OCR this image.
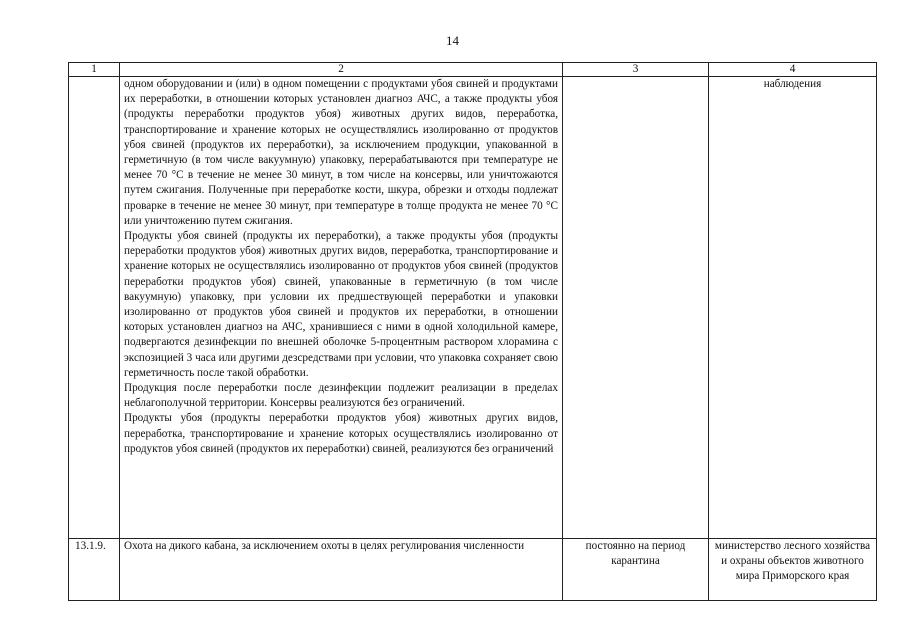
14
1	2	3	4

	одном оборудовании и (или) в одном помещении с продуктами убоя свиней и продуктами их переработки, в отношении которых установлен диагноз АЧС, а также продукты убоя (продукты переработки продуктов убоя) животных других видов, переработка, транспортирование и хранение которых не осуществлялись изолированно от продуктов убоя свиней (продуктов их переработки), за исключением продукции, упакованной в герметичную (в том числе вакуумную) упаковку, перерабатываются при температуре не менее 70 °С в течение не менее 30 минут, в том числе на консервы, или уничтожаются путем сжигания. Полученные при переработке кости, шкура, обрезки и отходы подлежат проварке в течение не менее 30 минут, при температуре в толще продукта не менее 70 °С или уничтожению путем сжигания.

Продукты убоя свиней (продукты их переработки), а также продукты убоя (продукты переработки продуктов убоя) животных других видов, переработка, транспортирование и хранение которых не осуществлялись изолированно от продуктов убоя свиней (продуктов переработки продуктов убоя) свиней, упакованные в герметичную (в том числе вакуумную) упаковку, при условии их предшествующей переработки и упаковки изолированно от продуктов убоя свиней и продуктов их переработки, в отношении которых установлен диагноз на АЧС, хранившиеся с ними в одной холодильной камере, подвергаются дезинфекции по внешней оболочке 5-процентным раствором хлорамина с экспозицией 3 часа или другими дезсредствами при условии, что упаковка сохраняет свою герметичность после такой обработки.

Продукция после переработки после дезинфекции подлежит реализации в пределах неблагополучной территории. Консервы реализуются без ограничений.

Продукты убоя (продукты переработки продуктов убоя) животных других видов, переработка, транспортирование и хранение которых осуществлялись изолированно от продуктов убоя свиней (продуктов их переработки) свиней, реализуются без ограничений		наблюдения
13.1.9.	Охота на дикого кабана, за исключением охоты в целях регулирования численности	постоянно на период карантина	министерство лесного хозяйства и охраны объектов животного мира Приморского края
